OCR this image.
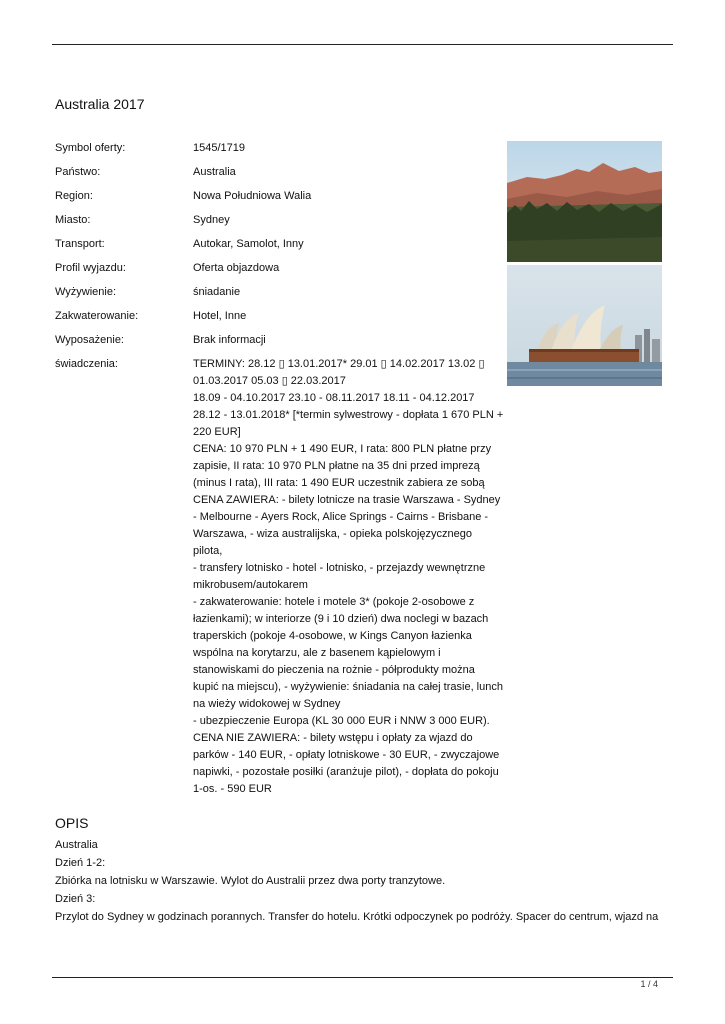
Australia 2017
Symbol oferty:	1545/1719
Państwo:	Australia
Region:	Nowa Południowa Walia
Miasto:	Sydney
Transport:	Autokar, Samolot, Inny
Profil wyjazdu:	Oferta objazdowa
Wyżywienie:	śniadanie
Zakwaterowanie:	Hotel, Inne
Wyposażenie:	Brak informacji
świadczenia:	TERMINY: 28.12 ▯ 13.01.2017* 29.01 ▯ 14.02.2017 13.02 ▯
01.03.2017 05.03 ▯ 22.03.2017
18.09 - 04.10.2017 23.10 - 08.11.2017 18.11 - 04.12.2017
28.12 - 13.01.2018* [*termin sylwestrowy - dopłata 1 670 PLN +
220 EUR]
CENA: 10 970 PLN + 1 490 EUR, I rata: 800 PLN płatne przy
zapisie, II rata: 10 970 PLN płatne na 35 dni przed imprezą
(minus I rata), III rata: 1 490 EUR uczestnik zabiera ze sobą
CENA ZAWIERA: - bilety lotnicze na trasie Warszawa - Sydney
- Melbourne - Ayers Rock, Alice Springs - Cairns - Brisbane -
Warszawa, - wiza australijska, - opieka polskojęzycznego
pilota,
- transfery lotnisko - hotel - lotnisko, - przejazdy wewnętrzne
mikrobusem/autokarem
- zakwaterowanie: hotele i motele 3* (pokoje 2-osobowe z
łazienkami); w interiorze (9 i 10 dzień) dwa noclegi w bazach
traperskich (pokoje 4-osobowe, w Kings Canyon łazienka
wspólna na korytarzu, ale z basenem kąpielowym i
stanowiskami do pieczenia na rożnie - półprodukty można
kupić na miejscu), - wyżywienie: śniadania na całej trasie, lunch
na wieży widokowej w Sydney
- ubezpieczenie Europa (KL 30 000 EUR i NNW 3 000 EUR).
CENA NIE ZAWIERA: - bilety wstępu i opłaty za wjazd do
parków - 140 EUR, - opłaty lotniskowe - 30 EUR, - zwyczajowe
napiwki, - pozostałe posiłki (aranżuje pilot), - dopłata do pokoju
1-os. - 590 EUR
OPIS
Australia
Dzień 1-2:
Zbiórka na lotnisku w Warszawie. Wylot do Australii przez dwa porty tranzytowe.
Dzień 3:
Przylot do Sydney w godzinach porannych. Transfer do hotelu. Krótki odpoczynek po podróży. Spacer do centrum, wjazd na
1 / 4
